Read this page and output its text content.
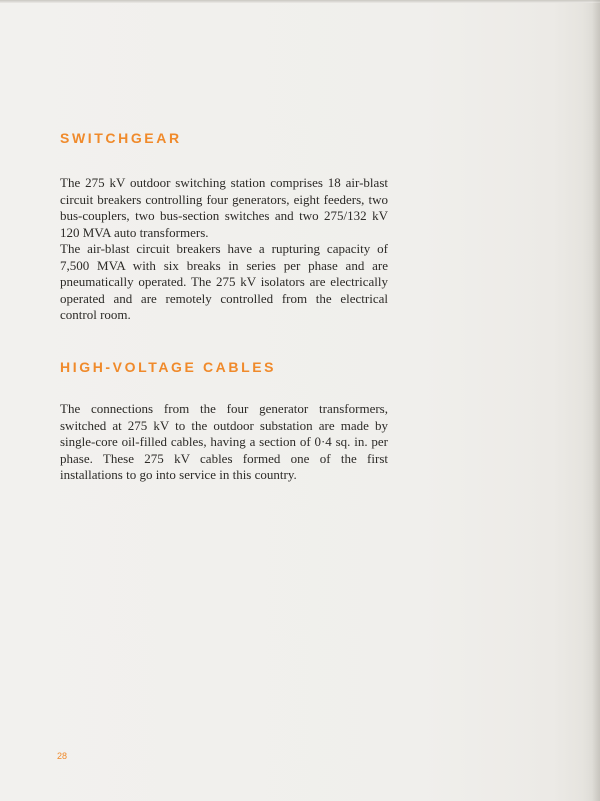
SWITCHGEAR

The 275 kV outdoor switching station comprises 18 air-blast circuit breakers controlling four generators, eight feeders, two bus-couplers, two bus-section switches and two 275/132 kV 120 MVA auto transformers.

The air-blast circuit breakers have a rupturing capacity of 7,500 MVA with six breaks in series per phase and are pneumatically operated. The 275 kV isolators are electrically operated and are remotely controlled from the electrical control room.

HIGH-VOLTAGE CABLES

The connections from the four generator transformers, switched at 275 kV to the outdoor substation are made by single-core oil-filled cables, having a section of 0·4 sq. in. per phase. These 275 kV cables formed one of the first installations to go into service in this country.

28
